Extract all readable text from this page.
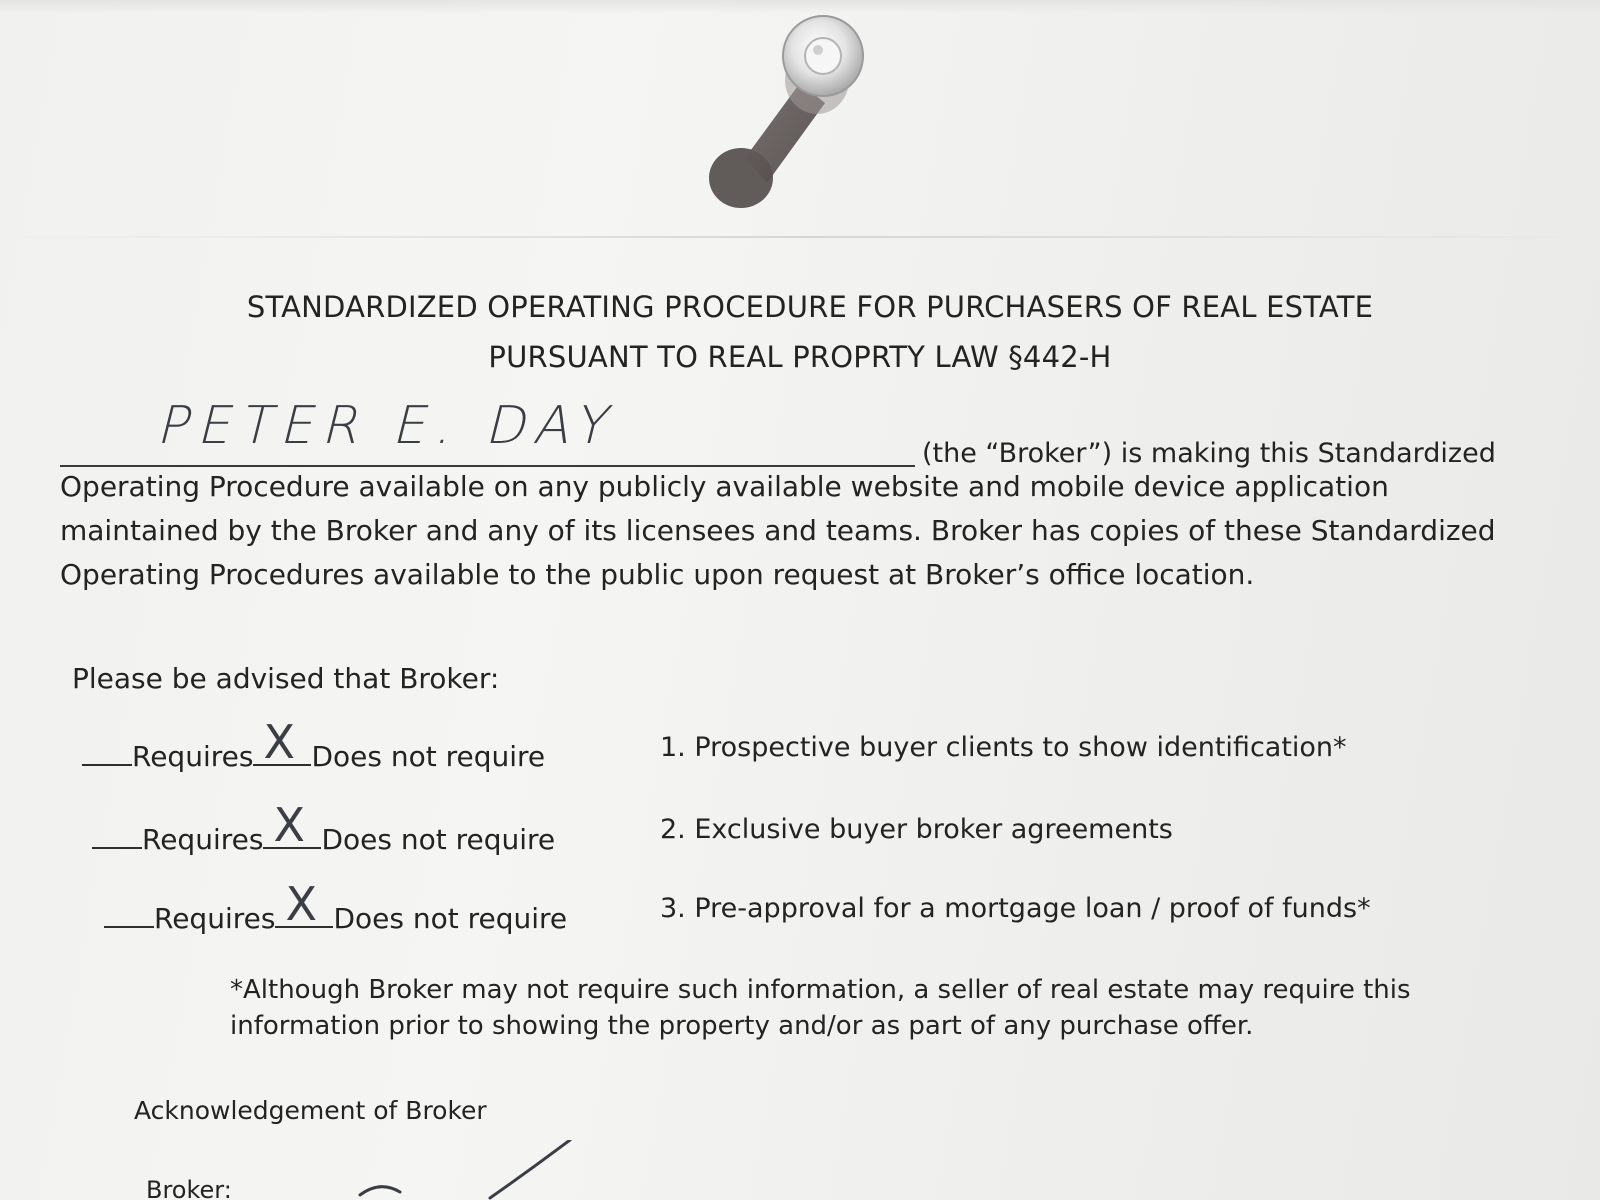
STANDARDIZED OPERATING PROCEDURE FOR PURCHASERS OF REAL ESTATE
PURSUANT TO REAL PROPRTY LAW §442-H
PETER E. DAY	(the “Broker”) is making this Standardized
Operating Procedure available on any publicly available website and mobile device application
maintained by the Broker and any of its licensees and teams. Broker has copies of these Standardized
Operating Procedures available to the public upon request at Broker’s office location.
Please be advised that Broker:
Requires X Does not require	1. Prospective buyer clients to show identification*
Requires X Does not require	2. Exclusive buyer broker agreements
Requires X Does not require	3. Pre-approval for a mortgage loan / proof of funds*
*Although Broker may not require such information, a seller of real estate may require this
information prior to showing the property and/or as part of any purchase offer.
Acknowledgement of Broker
Broker:
